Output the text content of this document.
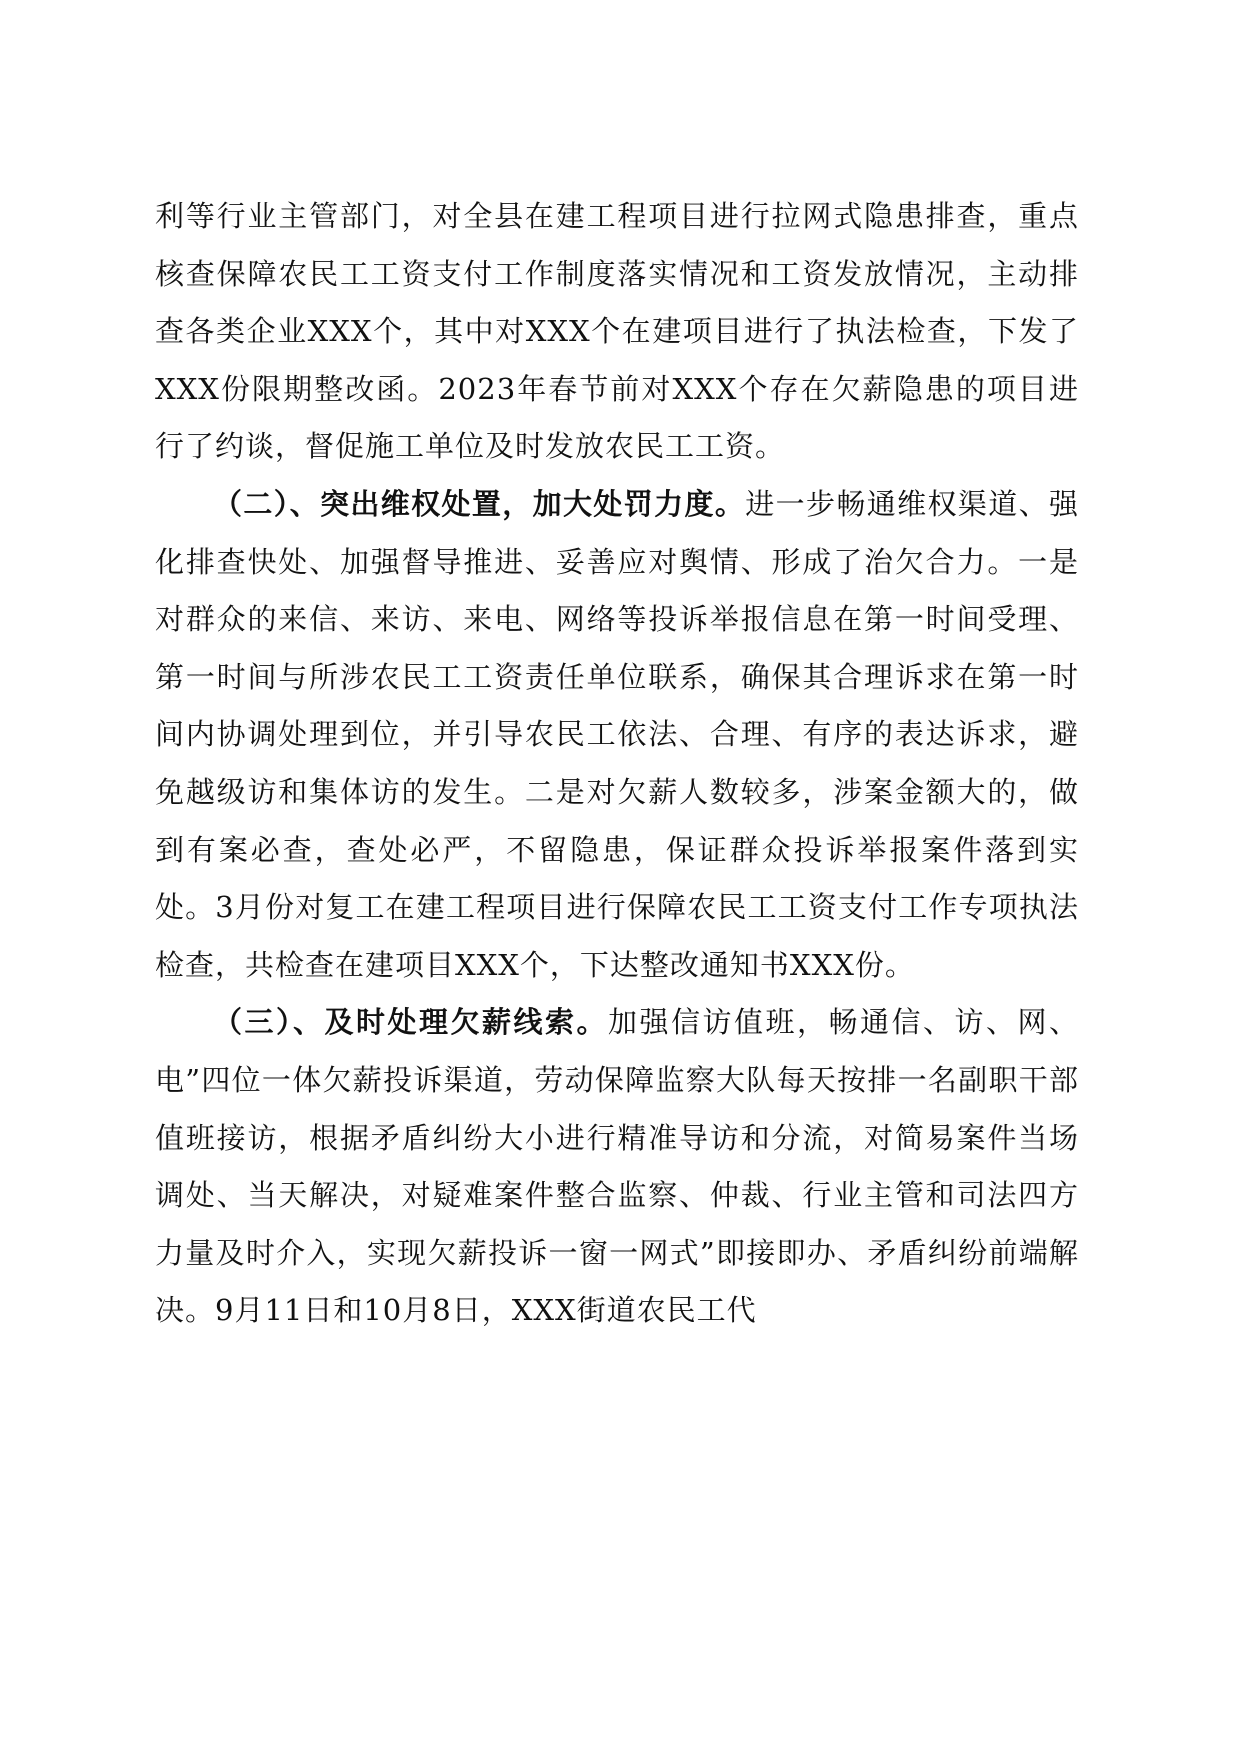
利等行业主管部门，对全县在建工程项目进行拉网式隐患排查，重点核查保障农民工工资支付工作制度落实情况和工资发放情况，主动排查各类企业XXX个，其中对XXX个在建项目进行了执法检查，下发了XXX份限期整改函。2023年春节前对XXX个存在欠薪隐患的项目进行了约谈，督促施工单位及时发放农民工工资。

（二）、突出维权处置，加大处罚力度。进一步畅通维权渠道、强化排查快处、加强督导推进、妥善应对舆情、形成了治欠合力。一是对群众的来信、来访、来电、网络等投诉举报信息在第一时间受理、第一时间与所涉农民工工资责任单位联系，确保其合理诉求在第一时间内协调处理到位，并引导农民工依法、合理、有序的表达诉求，避免越级访和集体访的发生。二是对欠薪人数较多，涉案金额大的，做到有案必查，查处必严，不留隐患，保证群众投诉举报案件落到实处。3月份对复工在建工程项目进行保障农民工工资支付工作专项执法检查，共检查在建项目XXX个，下达整改通知书XXX份。

（三）、及时处理欠薪线索。加强信访值班，畅通信、访、网、电”四位一体欠薪投诉渠道，劳动保障监察大队每天按排一名副职干部值班接访，根据矛盾纠纷大小进行精准导访和分流，对简易案件当场调处、当天解决，对疑难案件整合监察、仲裁、行业主管和司法四方力量及时介入，实现欠薪投诉一窗一网式”即接即办、矛盾纠纷前端解决。9月11日和10月8日，XXX街道农民工代
